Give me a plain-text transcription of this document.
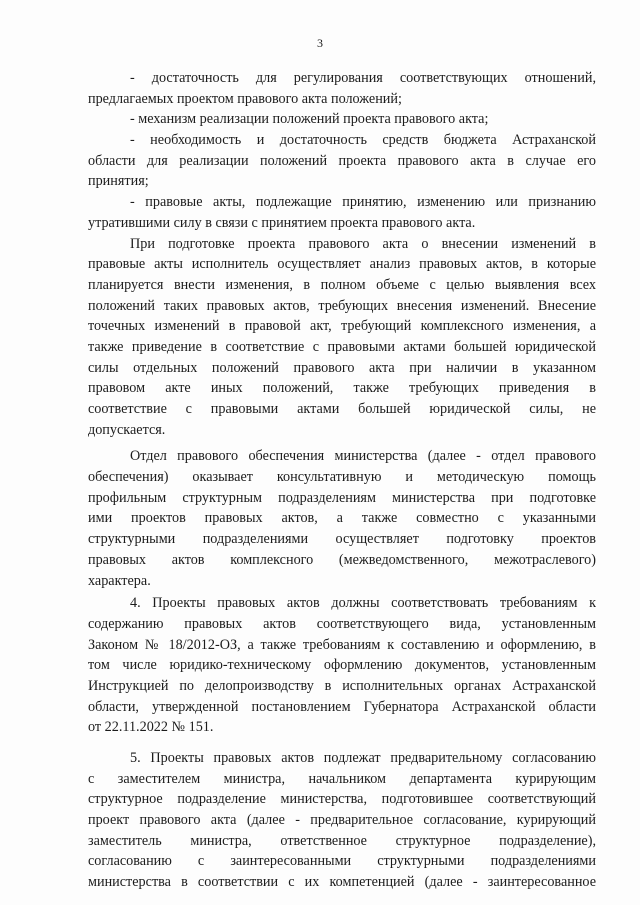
3
- достаточность для регулирования соответствующих отношений,
предлагаемых проектом правового акта положений;
- механизм реализации положений проекта правового акта;
- необходимость и достаточность средств бюджета Астраханской
области для реализации положений проекта правового акта в случае его
принятия;
- правовые акты, подлежащие принятию, изменению или признанию
утратившими силу в связи с принятием проекта правового акта.
При подготовке проекта правового акта о внесении изменений в
правовые акты исполнитель осуществляет анализ правовых актов, в которые
планируется внести изменения, в полном объеме с целью выявления всех
положений таких правовых актов, требующих внесения изменений. Внесение
точечных изменений в правовой акт, требующий комплексного изменения, а
также приведение в соответствие с правовыми актами большей юридической
силы отдельных положений правового акта при наличии в указанном
правовом акте иных положений, также требующих приведения в
соответствие с правовыми актами большей юридической силы, не
допускается.
Отдел правового обеспечения министерства (далее - отдел правового
обеспечения) оказывает консультативную и методическую помощь
профильным структурным подразделениям министерства при подготовке
ими проектов правовых актов, а также совместно с указанными
структурными подразделениями осуществляет подготовку проектов
правовых актов комплексного (межведомственного, межотраслевого)
характера.
4. Проекты правовых актов должны соответствовать требованиям к
содержанию правовых актов соответствующего вида, установленным
Законом № 18/2012-ОЗ, а также требованиям к составлению и оформлению, в
том числе юридико-техническому оформлению документов, установленным
Инструкцией по делопроизводству в исполнительных органах Астраханской
области, утвержденной постановлением Губернатора Астраханской области
от 22.11.2022 № 151.
5. Проекты правовых актов подлежат предварительному согласованию
с заместителем министра, начальником департамента курирующим
структурное подразделение министерства, подготовившее соответствующий
проект правового акта (далее - предварительное согласование, курирующий
заместитель министра, ответственное структурное подразделение),
согласованию с заинтересованными структурными подразделениями
министерства в соответствии с их компетенцией (далее - заинтересованное
